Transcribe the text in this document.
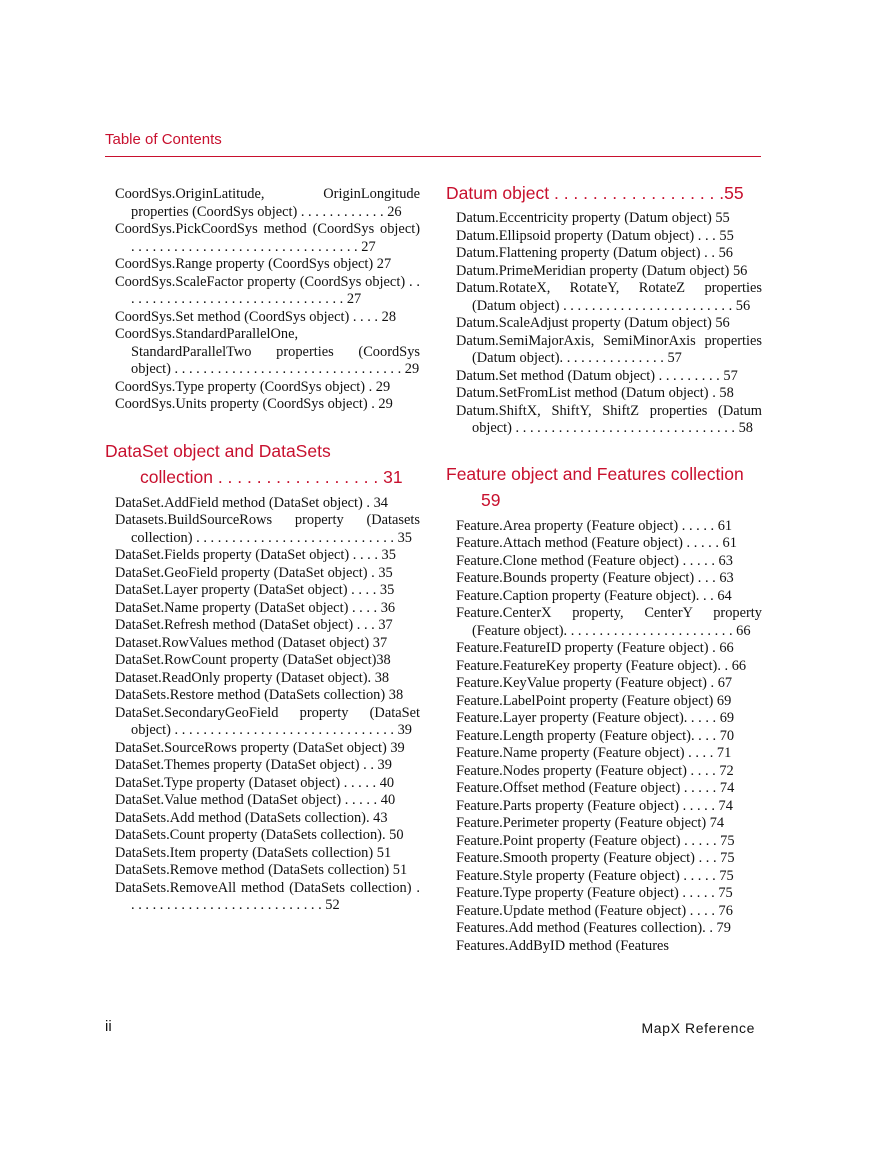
Table of Contents

CoordSys.OriginLatitude, OriginLongitude properties (CoordSys object) . . . . . . . . . . . . 26

CoordSys.PickCoordSys method (CoordSys object) . . . . . . . . . . . . . . . . . . . . . . . . . . . . . . . . 27

CoordSys.Range property (CoordSys object) 27

CoordSys.ScaleFactor property (CoordSys object) . . . . . . . . . . . . . . . . . . . . . . . . . . . . . . . . 27

CoordSys.Set method (CoordSys object) . . . . 28

CoordSys.StandardParallelOne, StandardParallelTwo properties (CoordSys object) . . . . . . . . . . . . . . . . . . . . . . . . . . . . . . . . 29

CoordSys.Type property (CoordSys object) . 29

CoordSys.Units property (CoordSys object) . 29

DataSet object and DataSets
collection . . . . . . . . . . . . . . . . . 31

DataSet.AddField method (DataSet object) . 34

Datasets.BuildSourceRows property (Datasets collection) . . . . . . . . . . . . . . . . . . . . . . . . . . . . 35

DataSet.Fields property (DataSet object) . . . . 35

DataSet.GeoField property (DataSet object) . 35

DataSet.Layer property (DataSet object) . . . . 35

DataSet.Name property (DataSet object) . . . . 36

DataSet.Refresh method (DataSet object) . . . 37

Dataset.RowValues method (Dataset object) 37

DataSet.RowCount property (DataSet object)38

Dataset.ReadOnly property (Dataset object). 38

DataSets.Restore method (DataSets collection) 38

DataSet.SecondaryGeoField property (DataSet object) . . . . . . . . . . . . . . . . . . . . . . . . . . . . . . . 39

DataSet.SourceRows property (DataSet object) 39

DataSet.Themes property (DataSet object) . . 39

DataSet.Type property (Dataset object) . . . . . 40

DataSet.Value method (DataSet object) . . . . . 40

DataSets.Add method (DataSets collection). 43

DataSets.Count property (DataSets collection). 50

DataSets.Item property (DataSets collection) 51

DataSets.Remove method (DataSets collection) 51

DataSets.RemoveAll method (DataSets collection) . . . . . . . . . . . . . . . . . . . . . . . . . . . . 52

Datum object . . . . . . . . . . . . . . . . . .55

Datum.Eccentricity property (Datum object) 55

Datum.Ellipsoid property (Datum object) . . . 55

Datum.Flattening property (Datum object) . . 56

Datum.PrimeMeridian property (Datum object) 56

Datum.RotateX, RotateY, RotateZ properties (Datum object) . . . . . . . . . . . . . . . . . . . . . . . . 56

Datum.ScaleAdjust property (Datum object) 56

Datum.SemiMajorAxis, SemiMinorAxis properties (Datum object). . . . . . . . . . . . . . . 57

Datum.Set method (Datum object) . . . . . . . . . 57

Datum.SetFromList method (Datum object) . 58

Datum.ShiftX, ShiftY, ShiftZ properties (Datum object) . . . . . . . . . . . . . . . . . . . . . . . . . . . . . . . 58

Feature object and Features collection
59

Feature.Area property (Feature object) . . . . . 61

Feature.Attach method (Feature object) . . . . . 61

Feature.Clone method (Feature object) . . . . . 63

Feature.Bounds property (Feature object) . . . 63

Feature.Caption property (Feature object). . . 64

Feature.CenterX property, CenterY property (Feature object). . . . . . . . . . . . . . . . . . . . . . . . 66

Feature.FeatureID property (Feature object) . 66

Feature.FeatureKey property (Feature object). . 66

Feature.KeyValue property (Feature object) . 67

Feature.LabelPoint property (Feature object) 69

Feature.Layer property (Feature object). . . . . 69

Feature.Length property (Feature object). . . . 70

Feature.Name property (Feature object) . . . . 71

Feature.Nodes property (Feature object) . . . . 72

Feature.Offset method (Feature object) . . . . . 74

Feature.Parts property (Feature object) . . . . . 74

Feature.Perimeter property (Feature object) 74

Feature.Point property (Feature object) . . . . . 75

Feature.Smooth property (Feature object) . . . 75

Feature.Style property (Feature object) . . . . . 75

Feature.Type property (Feature object) . . . . . 75

Feature.Update method (Feature object) . . . . 76

Features.Add method (Features collection). . 79

Features.AddByID method (Features

ii	MapX Reference
